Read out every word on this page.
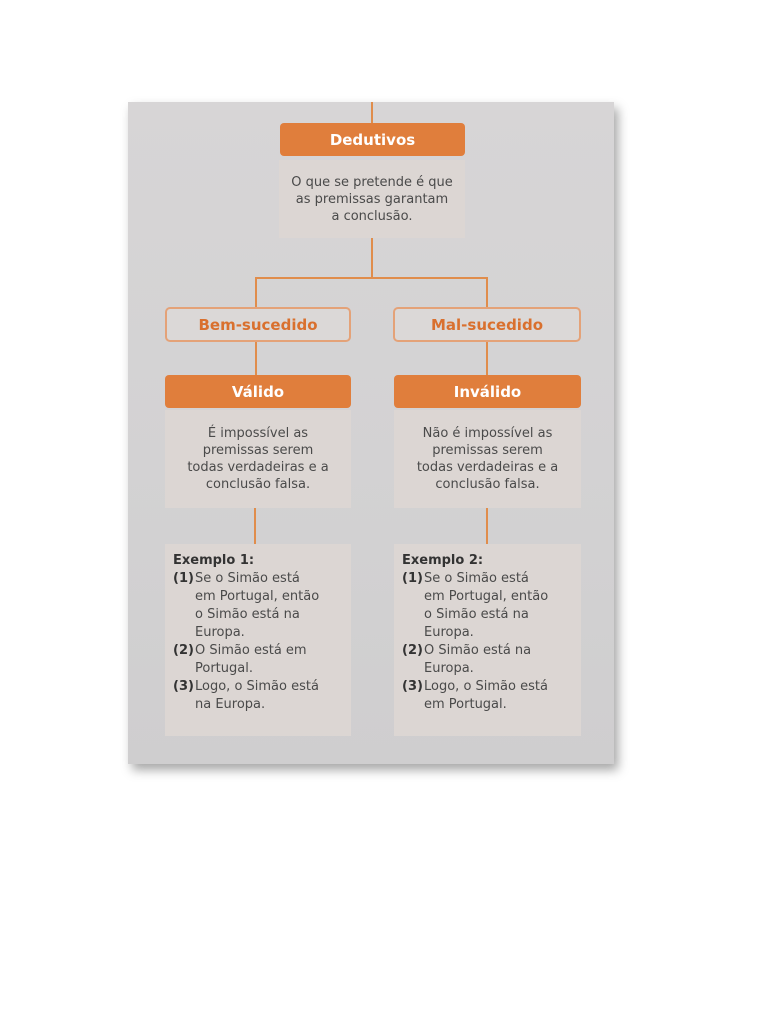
Dedutivos
O que se pretende é que
as premissas garantam
a conclusão.
Bem-sucedido	Mal-sucedido
Válido	Inválido
É impossível as
premissas serem
todas verdadeiras e a
conclusão falsa.
Não é impossível as
premissas serem
todas verdadeiras e a
conclusão falsa.
Exemplo 1:
(1) Se o Simão está
em Portugal, então
o Simão está na
Europa.
(2) O Simão está em
Portugal.
(3) Logo, o Simão está
na Europa.
Exemplo 2:
(1) Se o Simão está
em Portugal, então
o Simão está na
Europa.
(2) O Simão está na
Europa.
(3) Logo, o Simão está
em Portugal.
